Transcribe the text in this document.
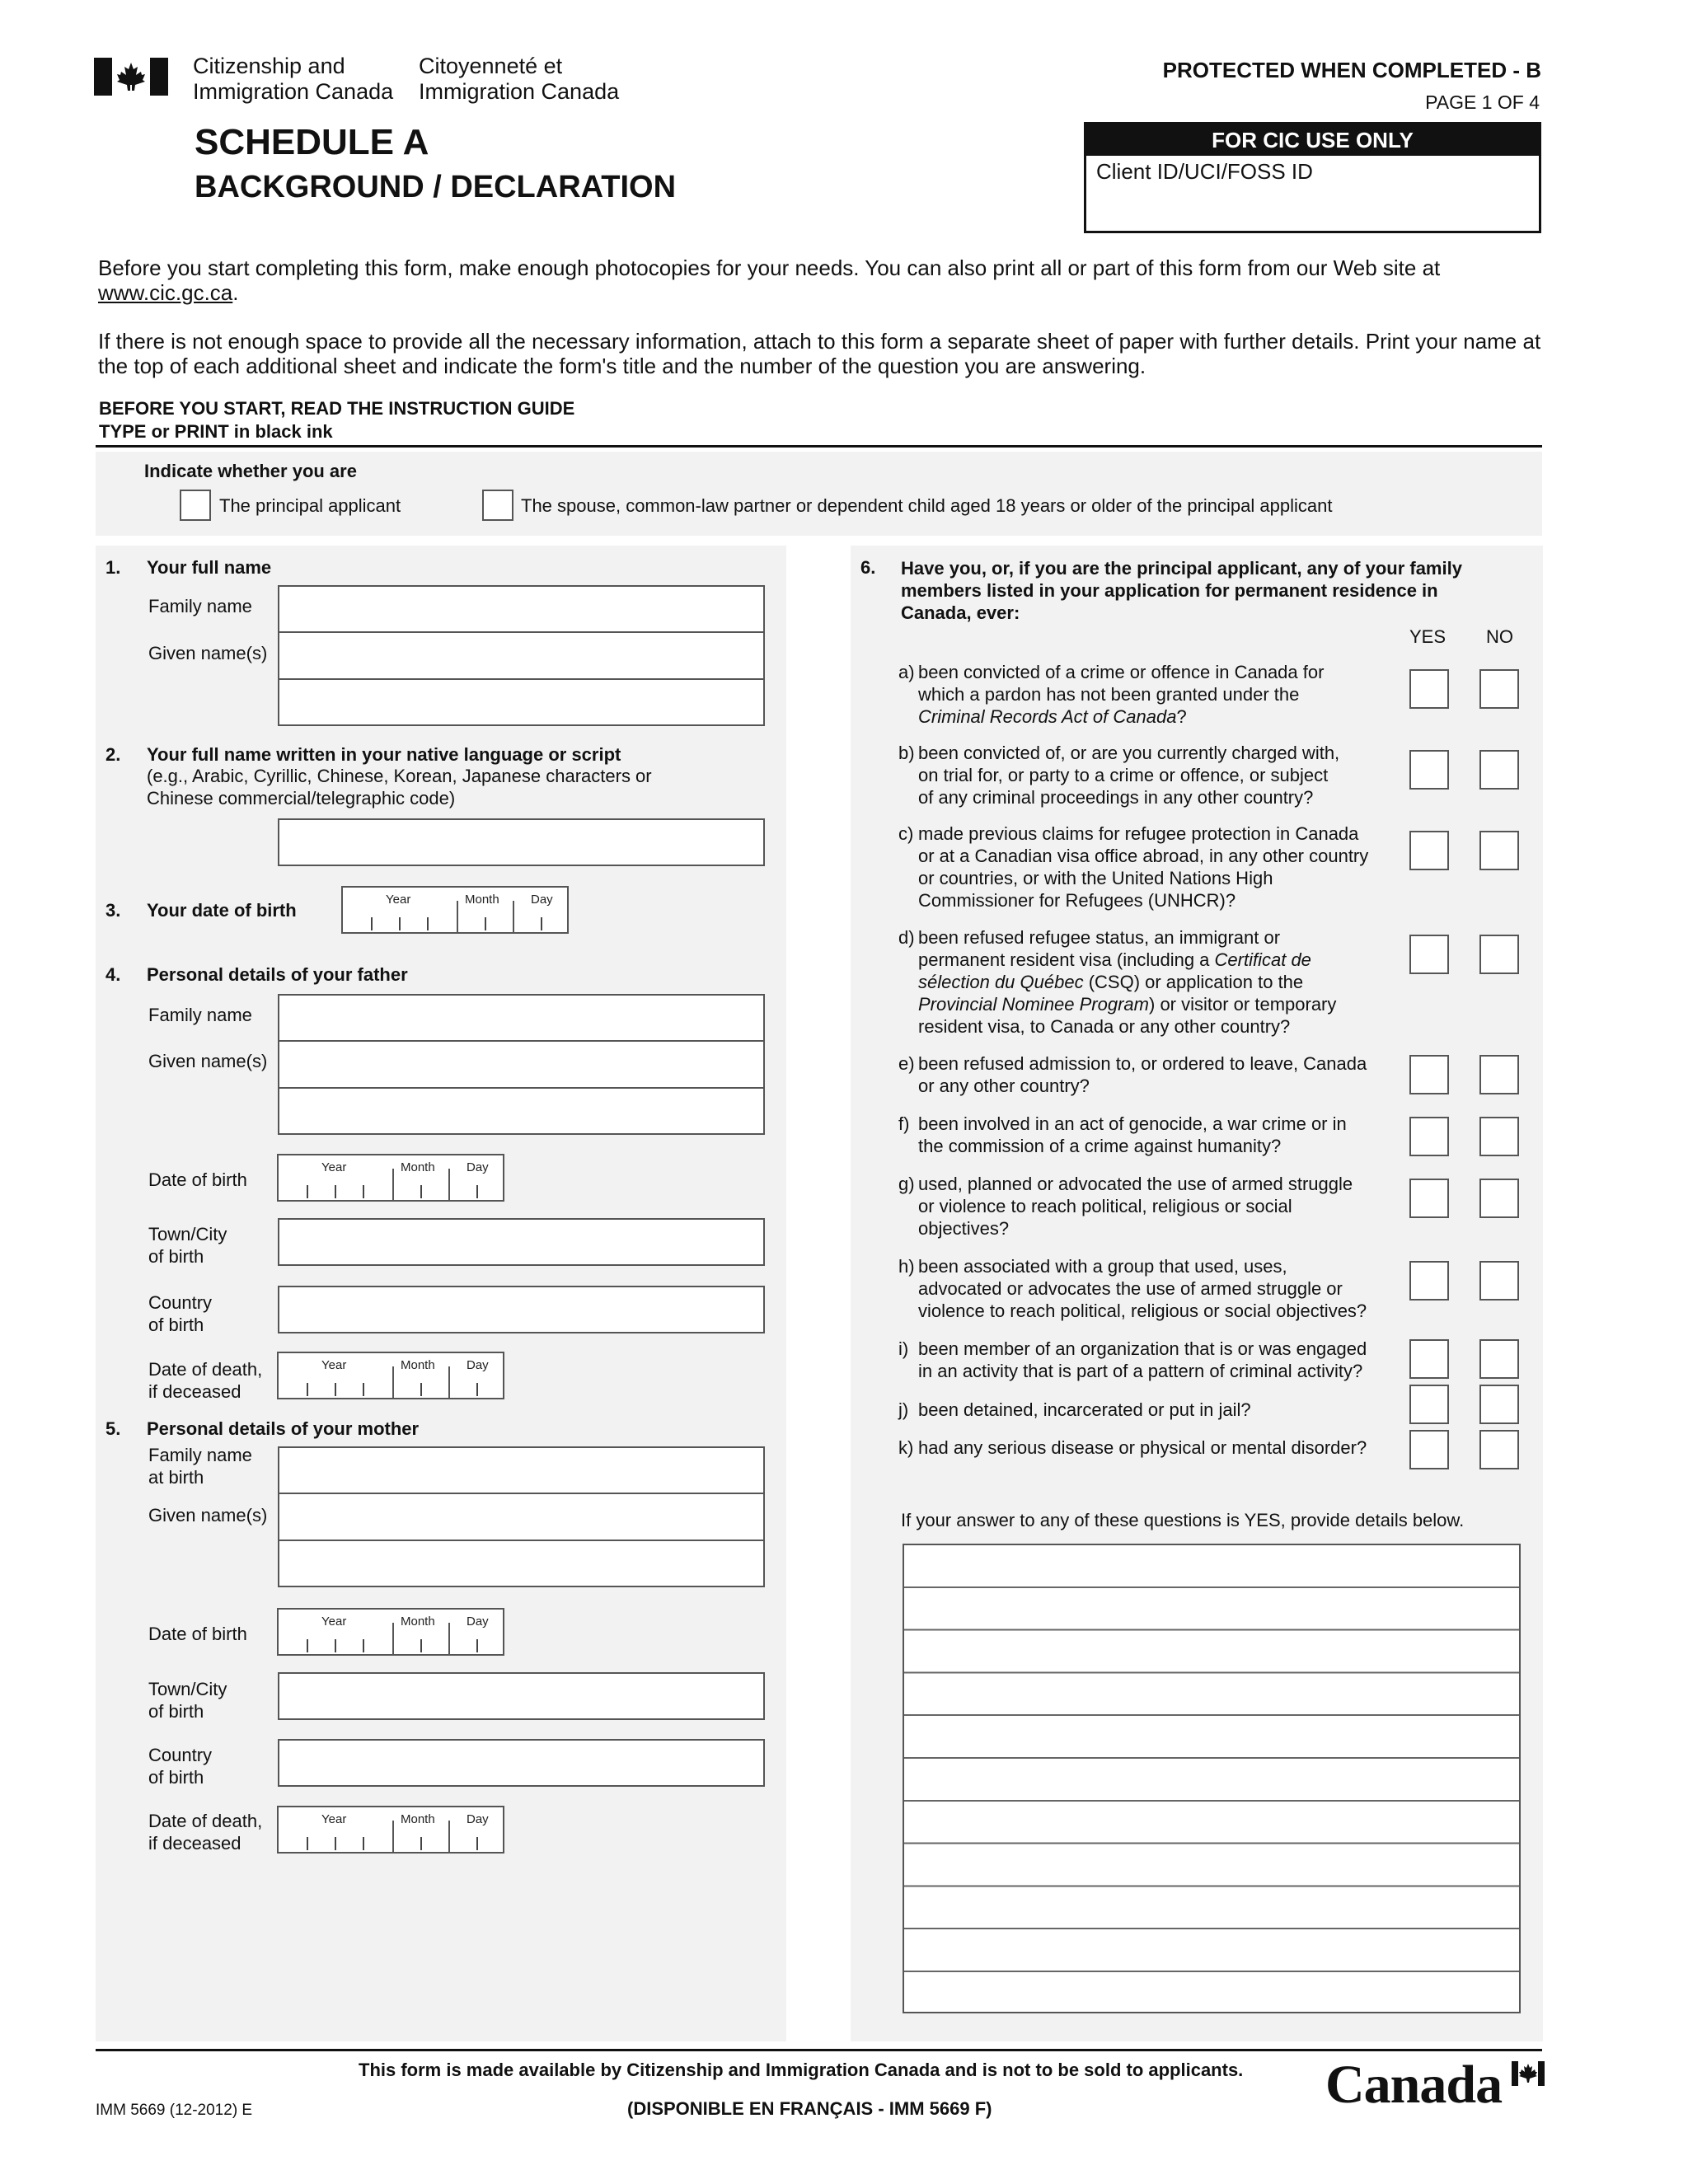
Citizenship and
Immigration Canada
Citoyenneté et
Immigration Canada
PROTECTED WHEN COMPLETED - B
PAGE 1 OF 4
SCHEDULE A
BACKGROUND / DECLARATION
FOR CIC USE ONLY
Client ID/UCI/FOSS ID
Before you start completing this form, make enough photocopies for your needs. You can also print all or part of this form from our Web site at
www.cic.gc.ca.
If there is not enough space to provide all the necessary information, attach to this form a separate sheet of paper with further details. Print your name at the top of each additional sheet and indicate the form's title and the number of the question you are answering.
BEFORE YOU START, READ THE INSTRUCTION GUIDE
TYPE or PRINT in black ink
Indicate whether you are
The principal applicant	The spouse, common-law partner or dependent child aged 18 years or older of the principal applicant
1. Your full name
Family name
Given name(s)
2. Your full name written in your native language or script
(e.g., Arabic, Cyrillic, Chinese, Korean, Japanese characters or
Chinese commercial/telegraphic code)
3. Your date of birth
Year	Month	Day
4. Personal details of your father
Family name
Given name(s)
Date of birth
Year	Month	Day
Town/City
of birth
Country
of birth
Date of death,
if deceased
Year	Month	Day
5. Personal details of your mother
Family name
at birth
Given name(s)
Date of birth
Year	Month	Day
Town/City
of birth
Country
of birth
Date of death,
if deceased
Year	Month	Day
6. Have you, or, if you are the principal applicant, any of your family
members listed in your application for permanent residence in
Canada, ever:
YES NO
a) been convicted of a crime or offence in Canada for
which a pardon has not been granted under the
Criminal Records Act of Canada?
b) been convicted of, or are you currently charged with,
on trial for, or party to a crime or offence, or subject
of any criminal proceedings in any other country?
c) made previous claims for refugee protection in Canada
or at a Canadian visa office abroad, in any other country
or countries, or with the United Nations High
Commissioner for Refugees (UNHCR)?
d) been refused refugee status, an immigrant or
permanent resident visa (including a Certificat de
sélection du Québec (CSQ) or application to the
Provincial Nominee Program) or visitor or temporary
resident visa, to Canada or any other country?
e) been refused admission to, or ordered to leave, Canada
or any other country?
f) been involved in an act of genocide, a war crime or in
the commission of a crime against humanity?
g) used, planned or advocated the use of armed struggle
or violence to reach political, religious or social
objectives?
h) been associated with a group that used, uses,
advocated or advocates the use of armed struggle or
violence to reach political, religious or social objectives?
i) been member of an organization that is or was engaged
in an activity that is part of a pattern of criminal activity?
j) been detained, incarcerated or put in jail?
k) had any serious disease or physical or mental disorder?
If your answer to any of these questions is YES, provide details below.
This form is made available by Citizenship and Immigration Canada and is not to be sold to applicants.
IMM 5669 (12-2012) E	(DISPONIBLE EN FRANÇAIS - IMM 5669 F)	Canada
